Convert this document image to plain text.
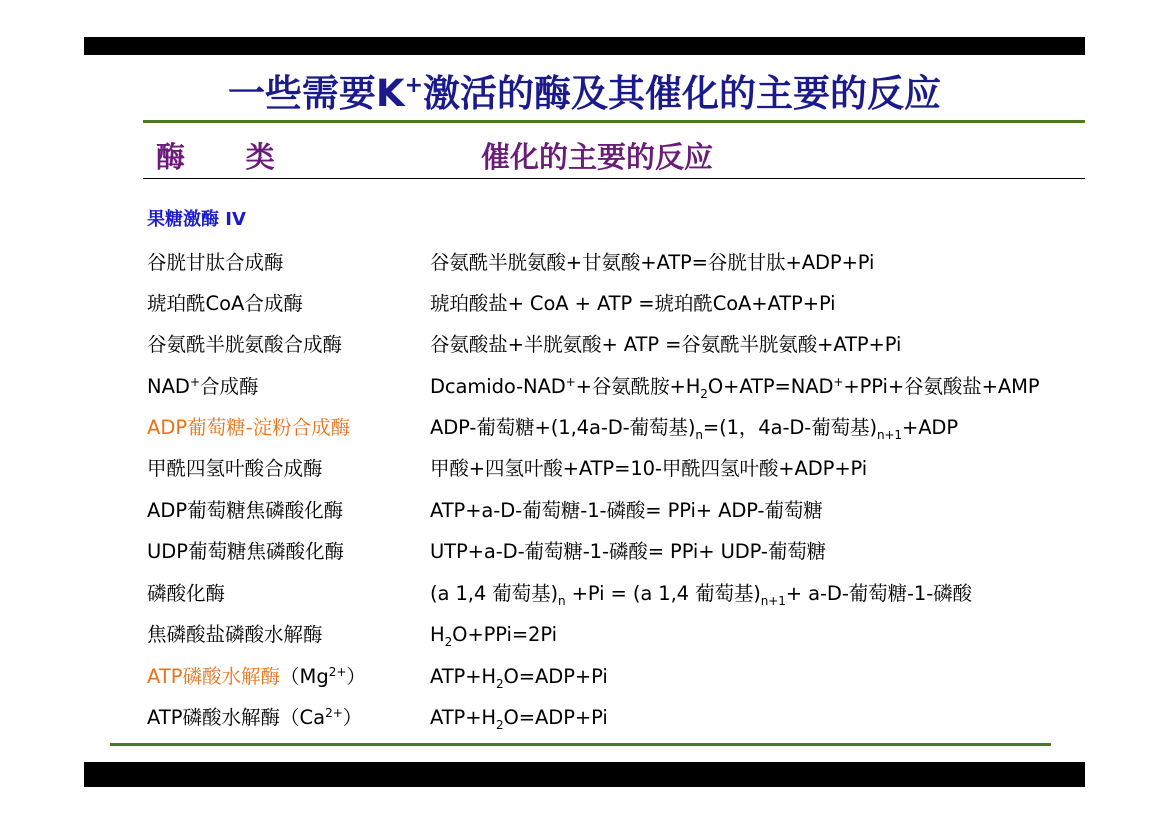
一些需要K+激活的酶及其催化的主要的反应
酶      类	催化的主要的反应
果糖激酶 IV
谷胱甘肽合成酶	谷氨酰半胱氨酸+甘氨酸+ATP=谷胱甘肽+ADP+Pi
琥珀酰CoA合成酶	琥珀酸盐+ CoA + ATP =琥珀酰CoA+ATP+Pi
谷氨酰半胱氨酸合成酶	谷氨酸盐+半胱氨酸+ ATP =谷氨酰半胱氨酸+ATP+Pi
NAD+合成酶	Dcamido-NAD++谷氨酰胺$+H_2O+ATP=NAD^++PPi+$谷氨酸盐+AMP
ADP葡萄糖-淀粉合成酶	ADP-葡萄糖+(1,4a-D-葡萄基)$_n=(1$，4a-D-葡萄基)$_{n+1}+ADP$
甲酰四氢叶酸合成酶	甲酸+四氢叶酸+ATP=10-甲酰四氢叶酸+ADP+Pi
ADP葡萄糖焦磷酸化酶	ATP+a-D-葡萄糖-1-磷酸= PPi+ ADP-葡萄糖
UDP葡萄糖焦磷酸化酶	UTP+a-D-葡萄糖-1-磷酸= PPi+ UDP-葡萄糖
磷酸化酶	(a 1,4 葡萄基)$_n +Pi = (a$ 1,4 葡萄基)$_{n+1}+ a-D-$葡萄糖-1-磷酸
焦磷酸盐磷酸水解酶	$H_2O+PPi=2Pi$
ATP磷酸水解酶$(Mg^{2+})$	$ATP+H_2O=ADP+Pi$
ATP磷酸水解酶$(Ca^{2+})$	$ATP+H_2O=ADP+Pi$
